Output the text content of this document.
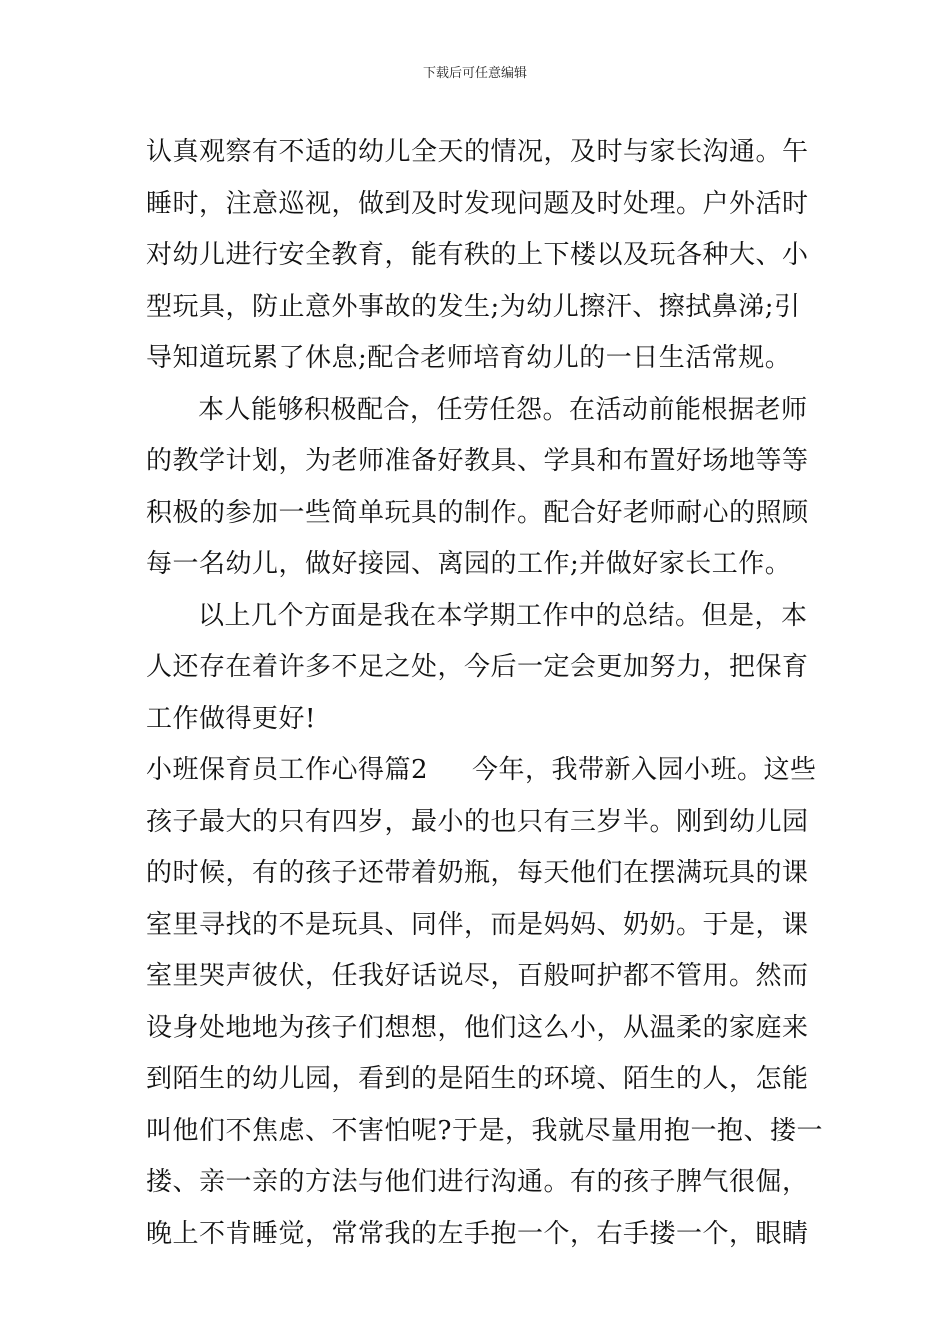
下载后可任意编辑
认真观察有不适的幼儿全天的情况，及时与家长沟通。午
睡时，注意巡视，做到及时发现问题及时处理。户外活时
对幼儿进行安全教育，能有秩的上下楼以及玩各种大、小
型玩具，防止意外事故的发生;为幼儿擦汗、擦拭鼻涕;引
导知道玩累了休息;配合老师培育幼儿的一日生活常规。
本人能够积极配合，任劳任怨。在活动前能根据老师
的教学计划，为老师准备好教具、学具和布置好场地等等
积极的参加一些简单玩具的制作。配合好老师耐心的照顾
每一名幼儿，做好接园、离园的工作;并做好家长工作。
以上几个方面是我在本学期工作中的总结。但是，本
人还存在着许多不足之处，今后一定会更加努力，把保育
工作做得更好!
小班保育员工作心得篇2 今年，我带新入园小班。这些
孩子最大的只有四岁，最小的也只有三岁半。刚到幼儿园
的时候，有的孩子还带着奶瓶，每天他们在摆满玩具的课
室里寻找的不是玩具、同伴，而是妈妈、奶奶。于是，课
室里哭声彼伏，任我好话说尽，百般呵护都不管用。然而
设身处地地为孩子们想想，他们这么小，从温柔的家庭来
到陌生的幼儿园，看到的是陌生的环境、陌生的人，怎能
叫他们不焦虑、不害怕呢?于是，我就尽量用抱一抱、搂一
搂、亲一亲的方法与他们进行沟通。有的孩子脾气很倔，
晚上不肯睡觉，常常我的左手抱一个，右手搂一个，眼睛
